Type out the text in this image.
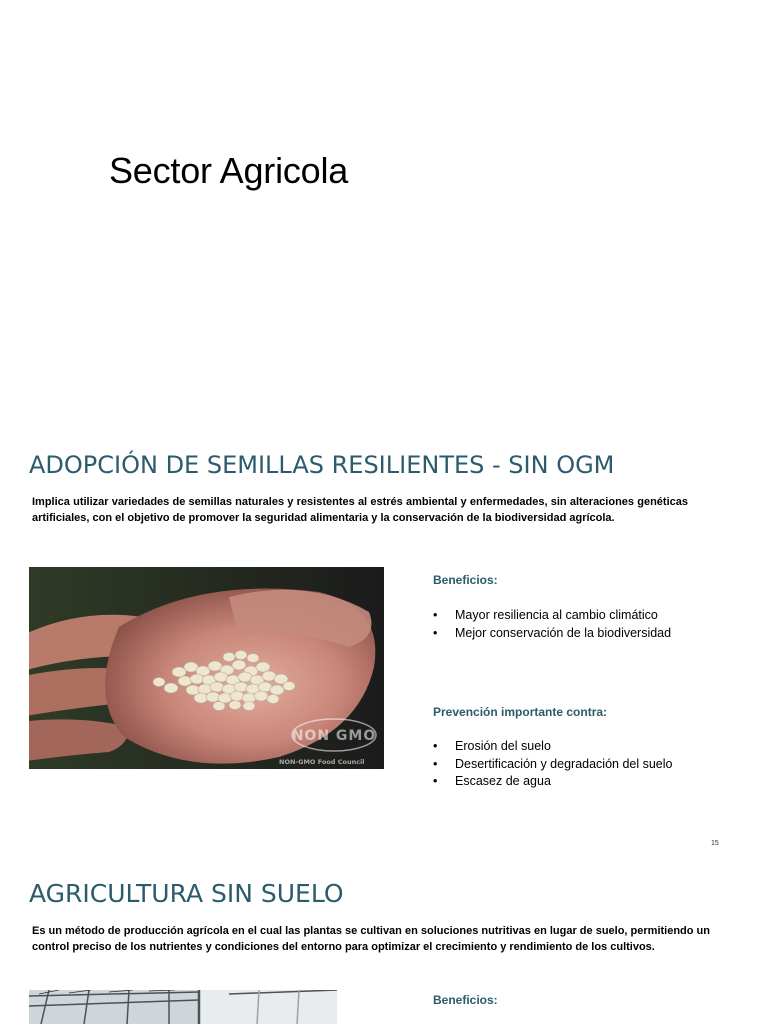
Sector Agricola
ADOPCIÓN DE SEMILLAS RESILIENTES - SIN OGM
Implica utilizar variedades de semillas naturales y resistentes al estrés ambiental y enfermedades, sin alteraciones genéticas artificiales, con el objetivo de promover la seguridad alimentaria y la conservación de la biodiversidad agrícola.
NON GMO
NON-GMO Food Council
Beneficios:
• Mayor resiliencia al cambio climático
• Mejor conservación de la biodiversidad
Prevención importante contra:
• Erosión del suelo
• Desertificación y degradación del suelo
• Escasez de agua
15
AGRICULTURA SIN SUELO
Es un método de producción agrícola en el cual las plantas se cultivan en soluciones nutritivas en lugar de suelo, permitiendo un control preciso de los nutrientes y condiciones del entorno para optimizar el crecimiento y rendimiento de los cultivos.
Beneficios:
